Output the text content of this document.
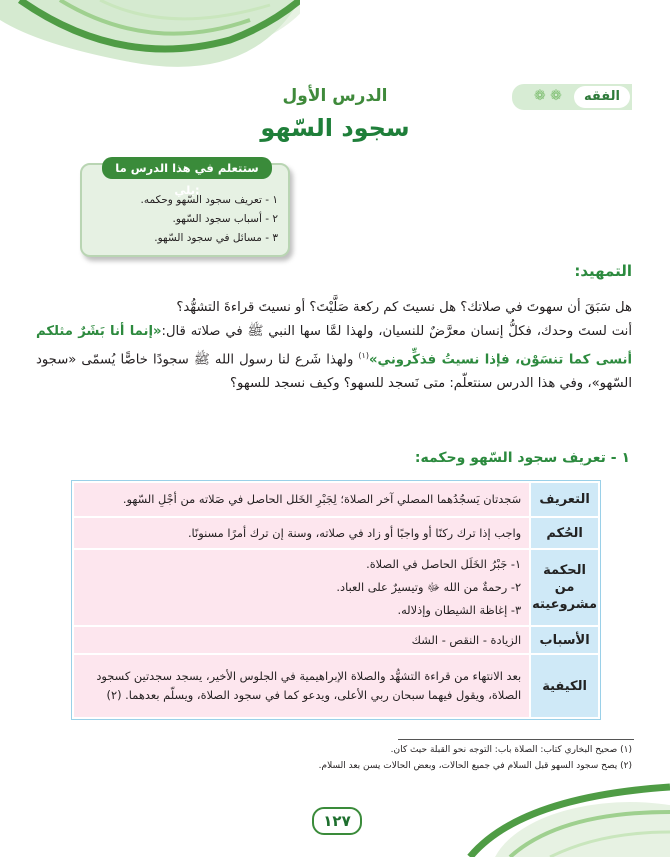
❁ ❁	الفقه
الدرس الأول
سجود السّهو
ستتعلم في هذا الدرس ما يلي:
١ - تعريف سجود السّهو وحكمه.
٢ - أسباب سجود السّهو.
٣ - مسائل في سجود السّهو.
التمهيد:

هل سَبَقَ أن سهوتَ في صلاتك؟ هل نسيتَ كم ركعة صَلَّيْتَ؟ أو نسيتَ قراءةَ التشهُّد؟

أنت لستَ وحدك، فكلُّ إنسان معرَّضٌ للنسيان، ولهذا لمَّا سها النبي ﷺ في صلاته قال:«إنما أنا بَشَرٌ مثلكم أنسى كما تنسَوْن، فإذا نسيتُ فذكِّروني»$^{(١)}$ ولهذا شَرع لنا رسول الله ﷺ سجودًا خاصًّا يُسمّى «سجود السّهو»، وفي هذا الدرس سنتعلّم: متى نَسجد للسهو؟ وكيف نسجد للسهو؟

١ - تعريف سجود السّهو وحكمه:
التعريف	سَجدتان يَسجُدُهما المصلي آخر الصلاة؛ لِجَبْرِ الخَلل الحاصل في صَلاته من أجْلِ السّهو.

الحُكم	واجب إذا ترك ركنًا أو واجبًا أو زاد في صلاته، وسنة إن ترك أمرًا مسنونًا.

الحكمة من مشروعيته	١- جَبْرُ الخَلَل الحاصل في الصلاة.
٢- رحمةٌ من الله ﷻ وتيسيرٌ على العباد.
٣- إغاظة الشيطان وإذلاله.

الأسباب	الزيادة - النقص - الشك

الكيفية	بعد الانتهاء من قراءة التشهُّد والصلاة الإبراهيمية في الجلوس الأخير، يسجد سجدتين كسجود الصلاة، ويقول فيهما سبحان ربي الأعلى، ويدعو كما في سجود الصلاة، ويسلّم بعدهما. (٢)
(١) صحيح البخاري كتاب: الصلاة باب: التوجه نحو القبلة حيث كان.
(٢) يصح سجود السهو قبل السلام في جميع الحالات، وبعض الحالات يسن بعد السلام.
١٢٧
